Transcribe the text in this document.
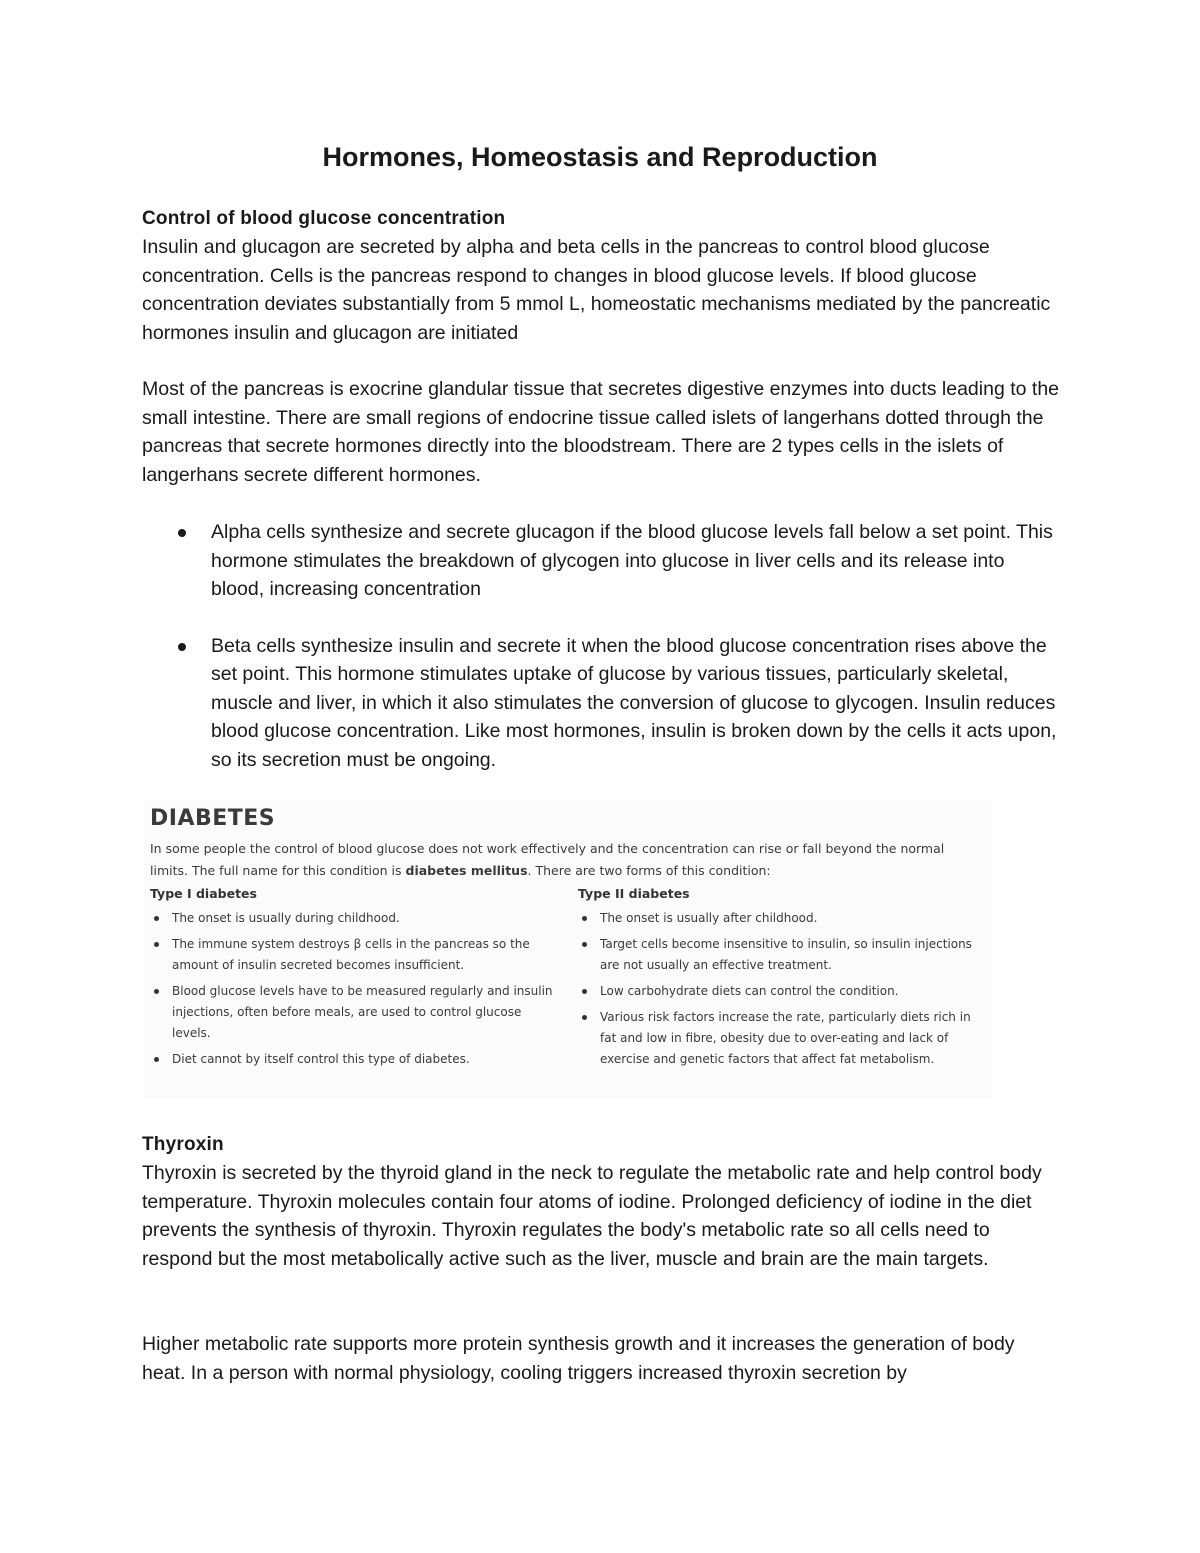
Hormones, Homeostasis and Reproduction
Control of blood glucose concentration

Insulin and glucagon are secreted by alpha and beta cells in the pancreas to control blood glucose concentration. Cells is the pancreas respond to changes in blood glucose levels. If blood glucose concentration deviates substantially from 5 mmol L, homeostatic mechanisms mediated by the pancreatic hormones insulin and glucagon are initiated

Most of the pancreas is exocrine glandular tissue that secretes digestive enzymes into ducts leading to the small intestine. There are small regions of endocrine tissue called islets of langerhans dotted through the pancreas that secrete hormones directly into the bloodstream. There are 2 types cells in the islets of langerhans secrete different hormones.

Alpha cells synthesize and secrete glucagon if the blood glucose levels fall below a set point. This hormone stimulates the breakdown of glycogen into glucose in liver cells and its release into blood, increasing concentration
Beta cells synthesize insulin and secrete it when the blood glucose concentration rises above the set point. This hormone stimulates uptake of glucose by various tissues, particularly skeletal, muscle and liver, in which it also stimulates the conversion of glucose to glycogen. Insulin reduces blood glucose concentration. Like most hormones, insulin is broken down by the cells it acts upon, so its secretion must be ongoing.
DIABETES
In some people the control of blood glucose does not work effectively and the concentration can rise or fall beyond the normal limits. The full name for this condition is diabetes mellitus. There are two forms of this condition:
Type I diabetes
The onset is usually during childhood.
The immune system destroys β cells in the pancreas so the amount of insulin secreted becomes insufficient.
Blood glucose levels have to be measured regularly and insulin injections, often before meals, are used to control glucose levels.
Diet cannot by itself control this type of diabetes.
Type II diabetes
The onset is usually after childhood.
Target cells become insensitive to insulin, so insulin injections are not usually an effective treatment.
Low carbohydrate diets can control the condition.
Various risk factors increase the rate, particularly diets rich in fat and low in fibre, obesity due to over-eating and lack of exercise and genetic factors that affect fat metabolism.
Thyroxin

Thyroxin is secreted by the thyroid gland in the neck to regulate the metabolic rate and help control body temperature. Thyroxin molecules contain four atoms of iodine. Prolonged deficiency of iodine in the diet prevents the synthesis of thyroxin. Thyroxin regulates the body's metabolic rate so all cells need to respond but the most metabolically active such as the liver, muscle and brain are the main targets.

Higher metabolic rate supports more protein synthesis growth and it increases the generation of body heat. In a person with normal physiology, cooling triggers increased thyroxin secretion by
